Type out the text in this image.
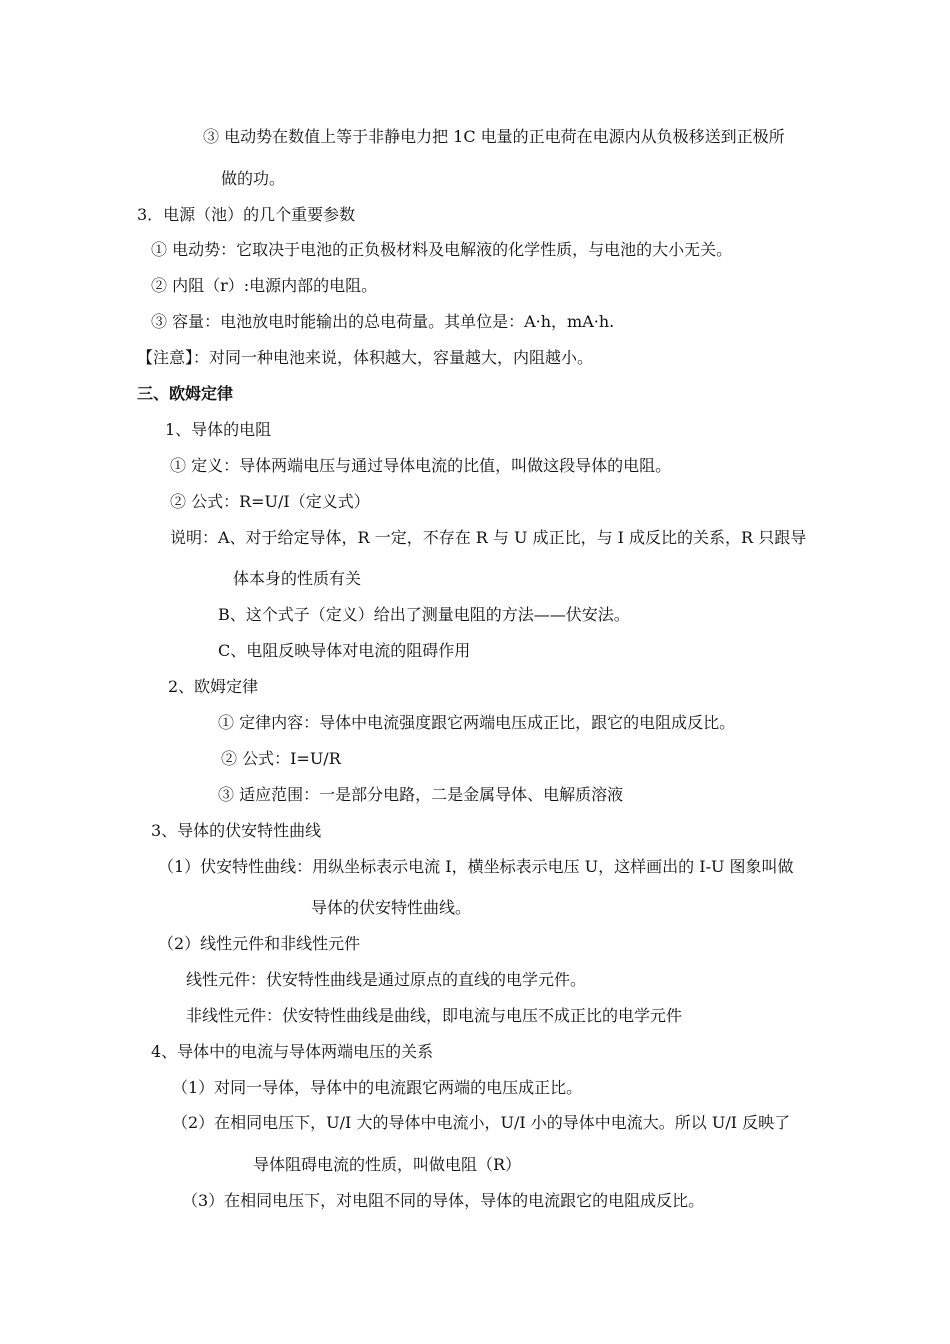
③ 电动势在数值上等于非静电力把 1C 电量的正电荷在电源内从负极移送到正极所
做的功。
3．电源（池）的几个重要参数
① 电动势：它取决于电池的正负极材料及电解液的化学性质，与电池的大小无关。
② 内阻（r）:电源内部的电阻。
③ 容量：电池放电时能输出的总电荷量。其单位是：A·h，mA·h.
【注意】：对同一种电池来说，体积越大，容量越大，内阻越小。
三、欧姆定律
1、导体的电阻
① 定义：导体两端电压与通过导体电流的比值，叫做这段导体的电阻。
② 公式：R=U/I（定义式）
说明：A、对于给定导体，R 一定，不存在 R 与 U 成正比，与 I 成反比的关系，R 只跟导
体本身的性质有关
B、这个式子（定义）给出了测量电阻的方法——伏安法。
C、电阻反映导体对电流的阻碍作用
2、欧姆定律
① 定律内容：导体中电流强度跟它两端电压成正比，跟它的电阻成反比。
② 公式：I=U/R
③ 适应范围：一是部分电路，二是金属导体、电解质溶液
3、导体的伏安特性曲线
（1）伏安特性曲线：用纵坐标表示电流 I，横坐标表示电压 U，这样画出的 I-U 图象叫做
导体的伏安特性曲线。
（2）线性元件和非线性元件
线性元件：伏安特性曲线是通过原点的直线的电学元件。
非线性元件：伏安特性曲线是曲线，即电流与电压不成正比的电学元件
4、导体中的电流与导体两端电压的关系
（1）对同一导体，导体中的电流跟它两端的电压成正比。
（2）在相同电压下，U/I 大的导体中电流小，U/I 小的导体中电流大。所以 U/I 反映了
导体阻碍电流的性质，叫做电阻（R）
（3）在相同电压下，对电阻不同的导体，导体的电流跟它的电阻成反比。
